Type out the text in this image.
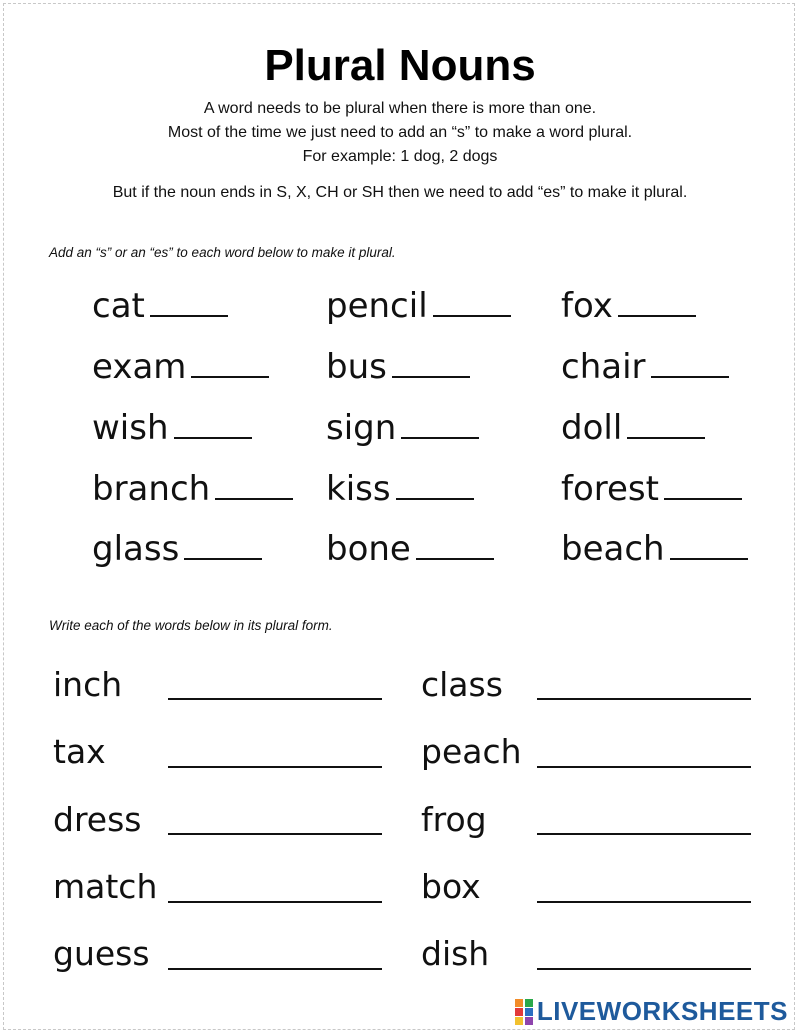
Plural Nouns
A word needs to be plural when there is more than one.
Most of the time we just need to add an “s” to make a word plural.
For example: 1 dog, 2 dogs
But if the noun ends in S, X, CH or SH then we need to add “es” to make it plural.
Add an “s” or an “es” to each word below to make it plural.
cat	pencil	fox
exam	bus	chair
wish	sign	doll
branch	kiss	forest
glass	bone	beach
Write each of the words below in its plural form.
inch	class
tax	peach
dress	frog
match	box
guess	dish
LIVEWORKSHEETS
